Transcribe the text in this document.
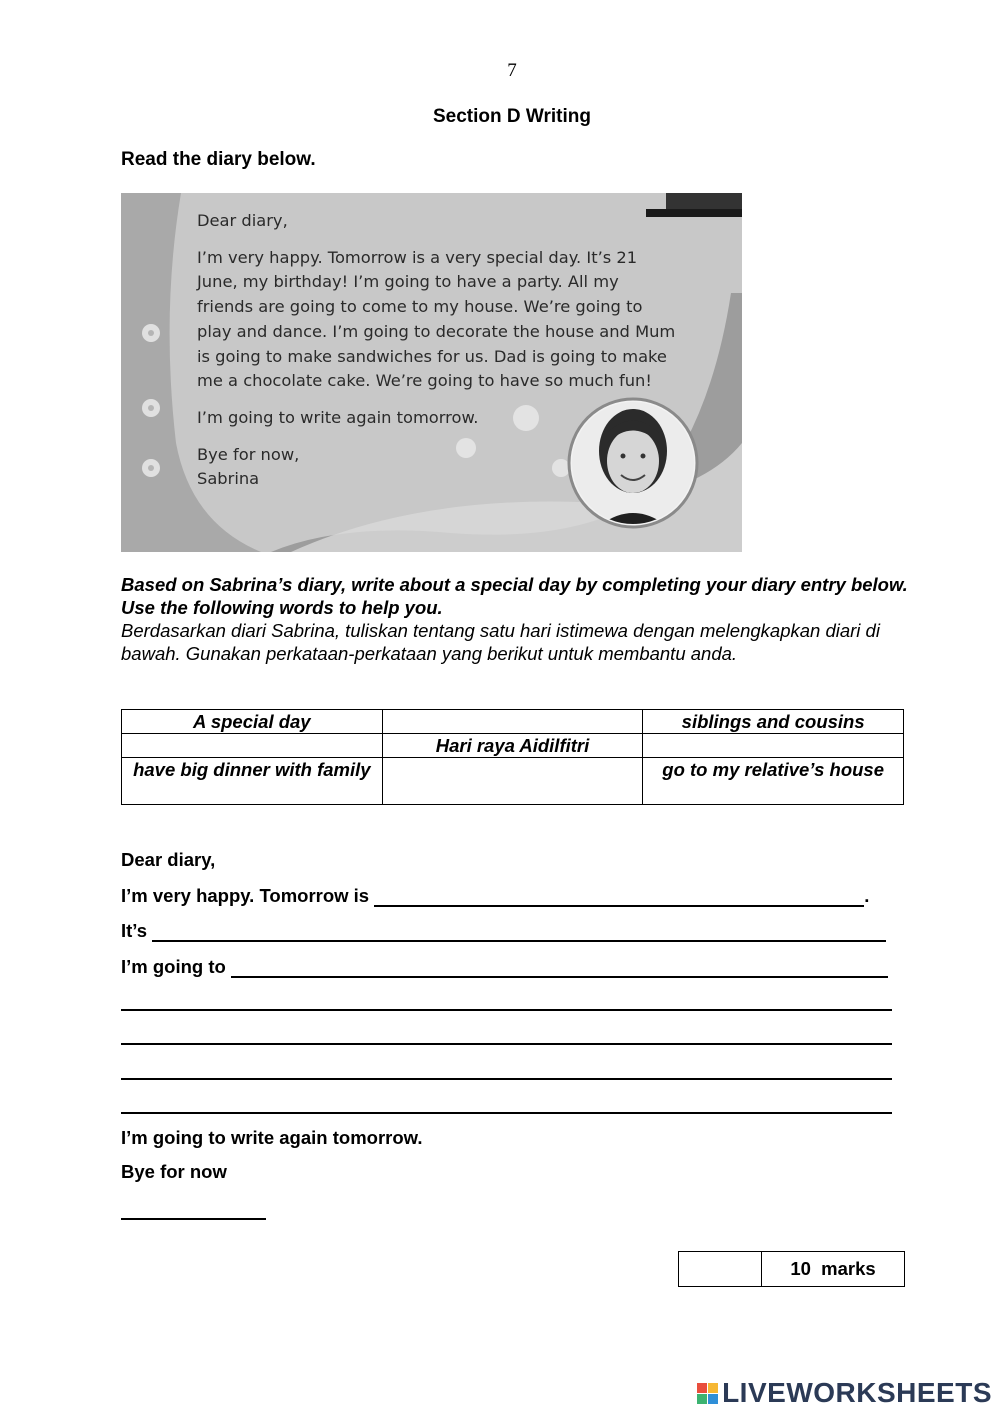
7
Section D Writing
Read the diary below.

Dear diary,

I’m very happy. Tomorrow is a very special day. It’s 21

June, my birthday! I’m going to have a party. All my

friends are going to come to my house. We’re going to

play and dance. I’m going to decorate the house and Mum

is going to make sandwiches for us. Dad is going to make

me a chocolate cake. We’re going to have so much fun!

I’m going to write again tomorrow.

Bye for now,

Sabrina

Based on Sabrina’s diary, write about a special day by completing your diary entry below. Use the following words to help you.
Berdasarkan diari Sabrina, tuliskan tentang satu hari istimewa dengan melengkapkan diari di bawah. Gunakan perkataan-perkataan yang berikut untuk membantu anda.
A special day		siblings and cousins
	Hari raya Aidilfitri	
have big dinner with family		go to my relative’s house
Dear diary,
I’m very happy. Tomorrow is	.
It’s
I’m going to
I’m going to write again tomorrow.
Bye for now
10  marks
LIVEWORKSHEETS
